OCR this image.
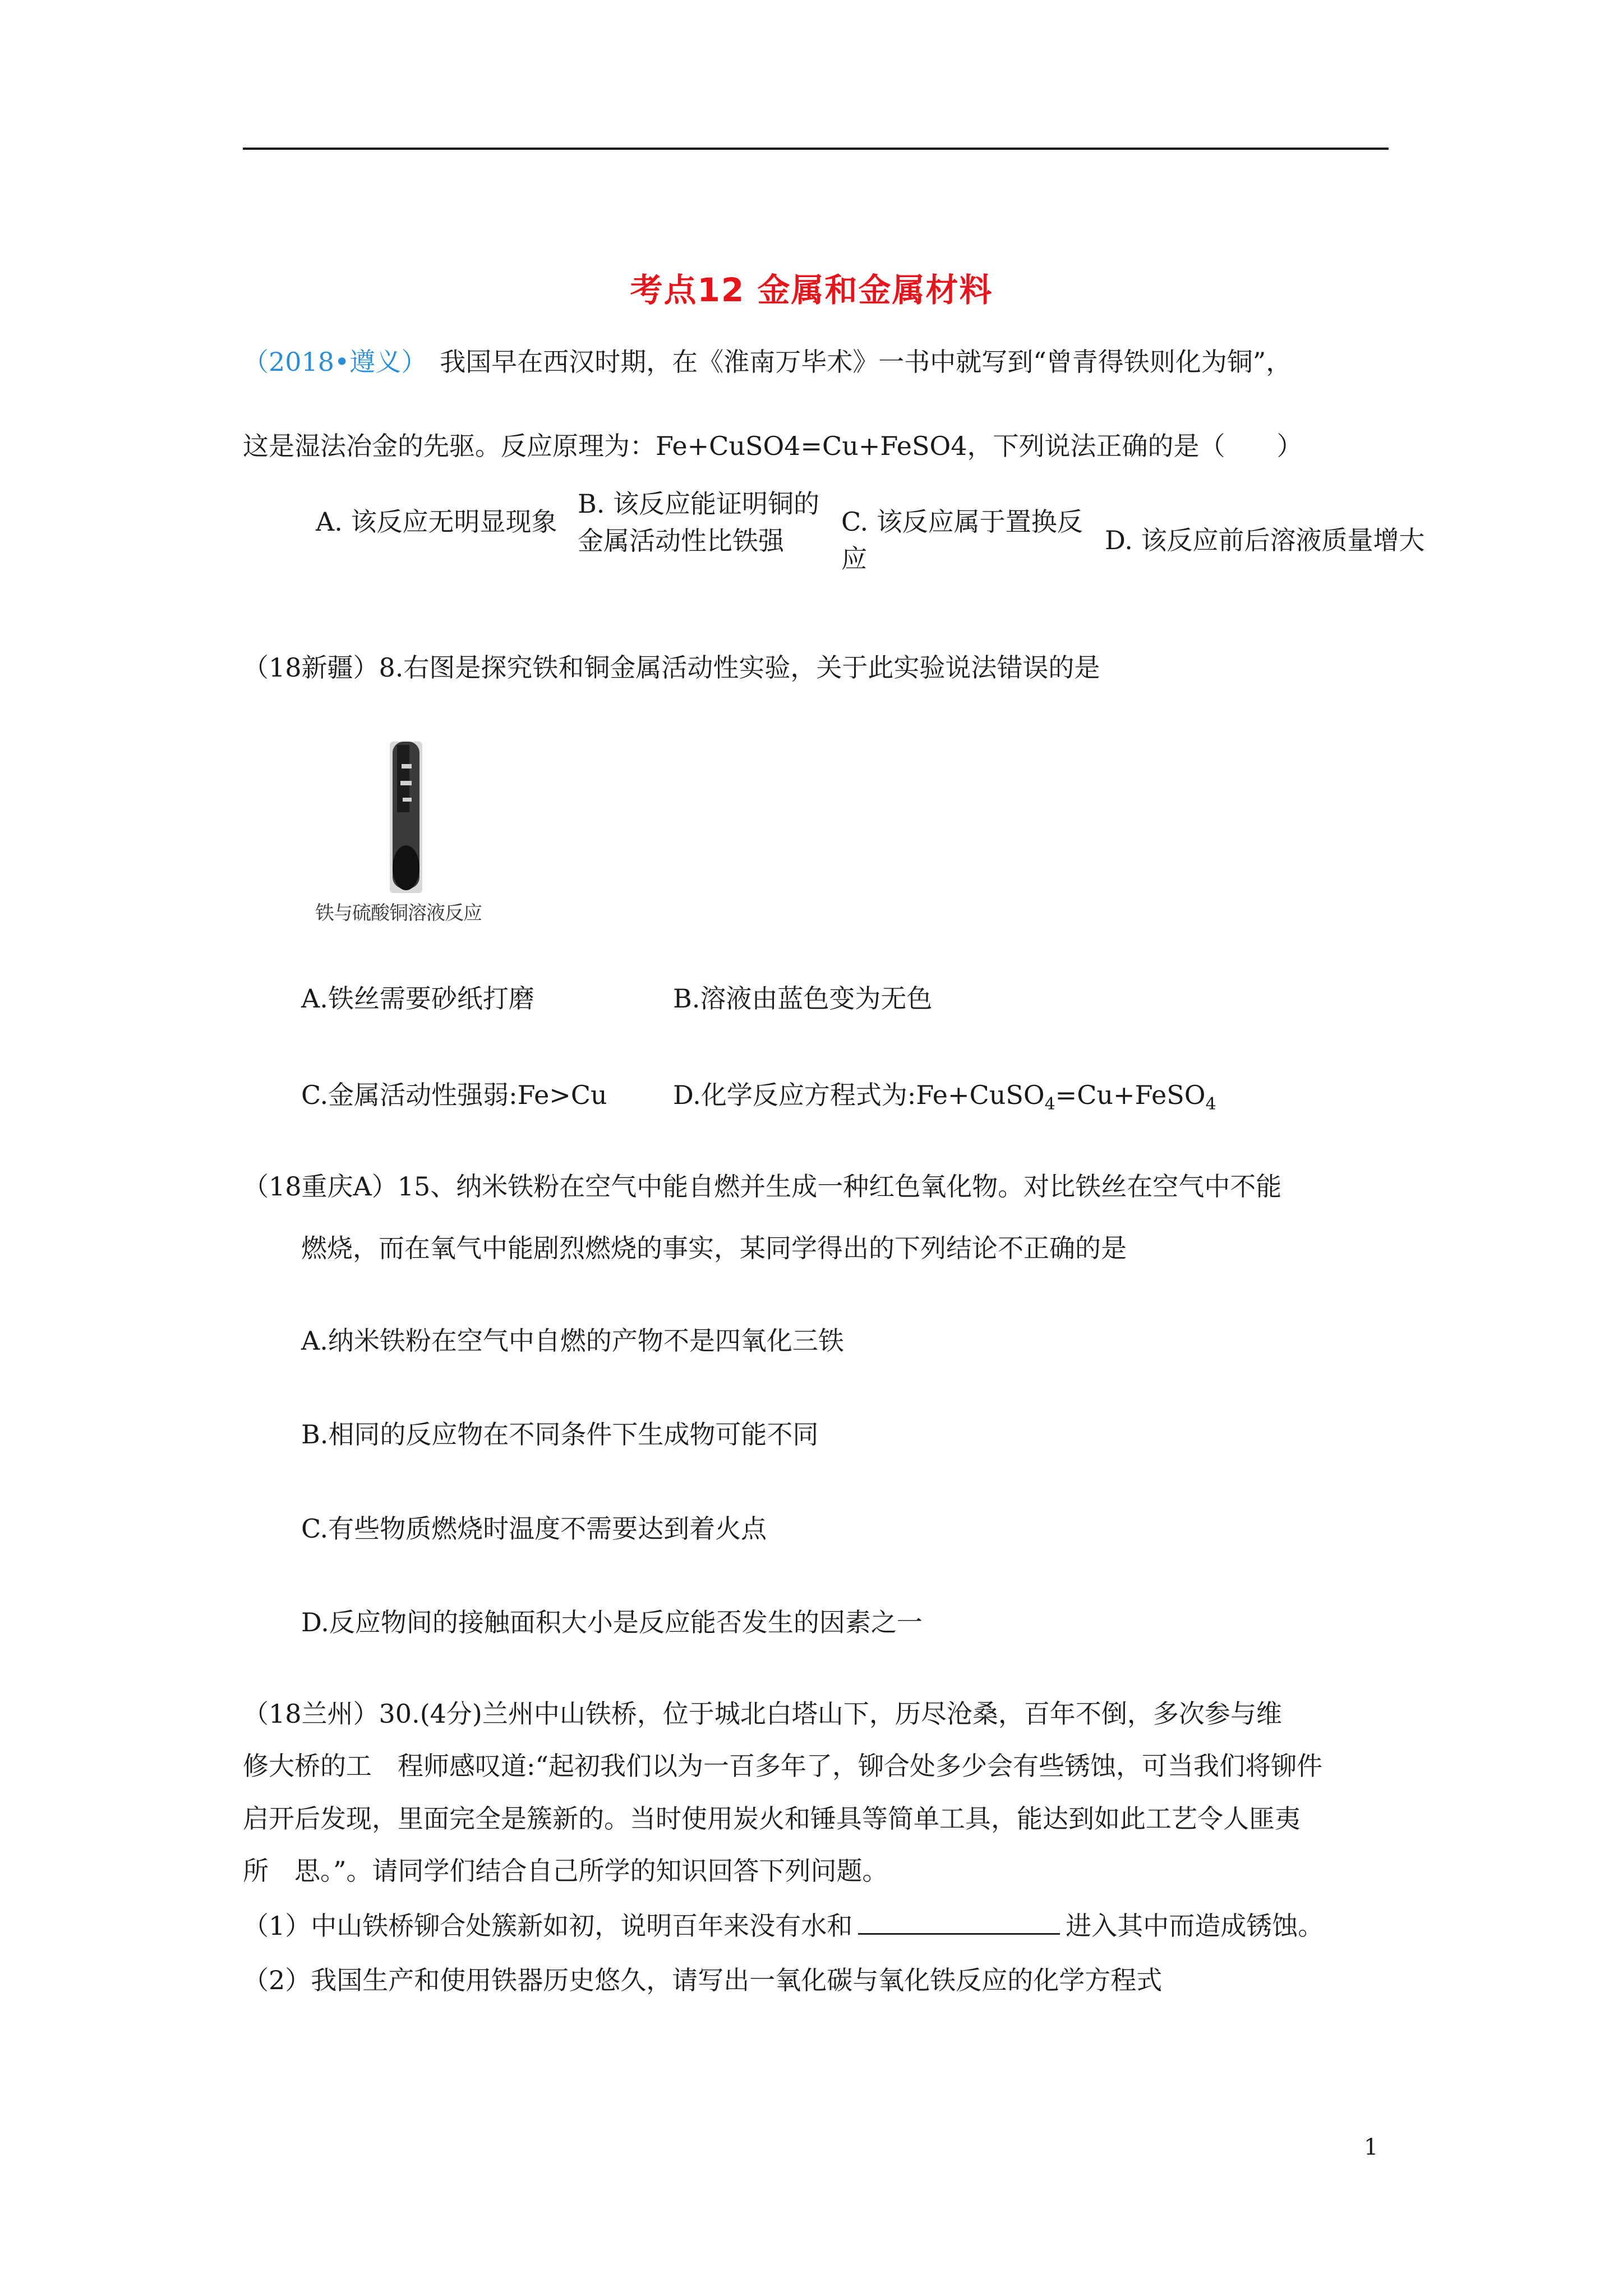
考点12 金属和金属材料
（2018•遵义）  我国早在西汉时期，在《淮南万毕术》一书中就写到“曾青得铁则化为铜”，
这是湿法冶金的先驱。反应原理为：Fe+CuSO4=Cu+FeSO4，下列说法正确的是（　　）
A. 该反应无明显现象
B. 该反应能证明铜的金属活动性比铁强
C. 该反应属于置换反应
D. 该反应前后溶液质量增大
（18新疆）8.右图是探究铁和铜金属活动性实验，关于此实验说法错误的是
铁与硫酸铜溶液反应
A.铁丝需要砂纸打磨	B.溶液由蓝色变为无色
C.金属活动性强弱:Fe>Cu	D.化学反应方程式为:Fe+CuSO$_4$=Cu+FeSO$_4$
（18重庆A）15、纳米铁粉在空气中能自燃并生成一种红色氧化物。对比铁丝在空气中不能
燃烧，而在氧气中能剧烈燃烧的事实，某同学得出的下列结论不正确的是
A.纳米铁粉在空气中自燃的产物不是四氧化三铁
B.相同的反应物在不同条件下生成物可能不同
C.有些物质燃烧时温度不需要达到着火点
D.反应物间的接触面积大小是反应能否发生的因素之一
（18兰州）30.(4分)兰州中山铁桥，位于城北白塔山下，历尽沧桑，百年不倒，多次参与维
修大桥的工　程师感叹道:“起初我们以为一百多年了，铆合处多少会有些锈蚀，可当我们将铆件
启开后发现，里面完全是簇新的。当时使用炭火和锤具等简单工具，能达到如此工艺令人匪夷
所　思。”。请同学们结合自己所学的知识回答下列问题。
（1）中山铁桥铆合处簇新如初，说明百年来没有水和	进入其中而造成锈蚀。
（2）我国生产和使用铁器历史悠久，请写出一氧化碳与氧化铁反应的化学方程式
1
